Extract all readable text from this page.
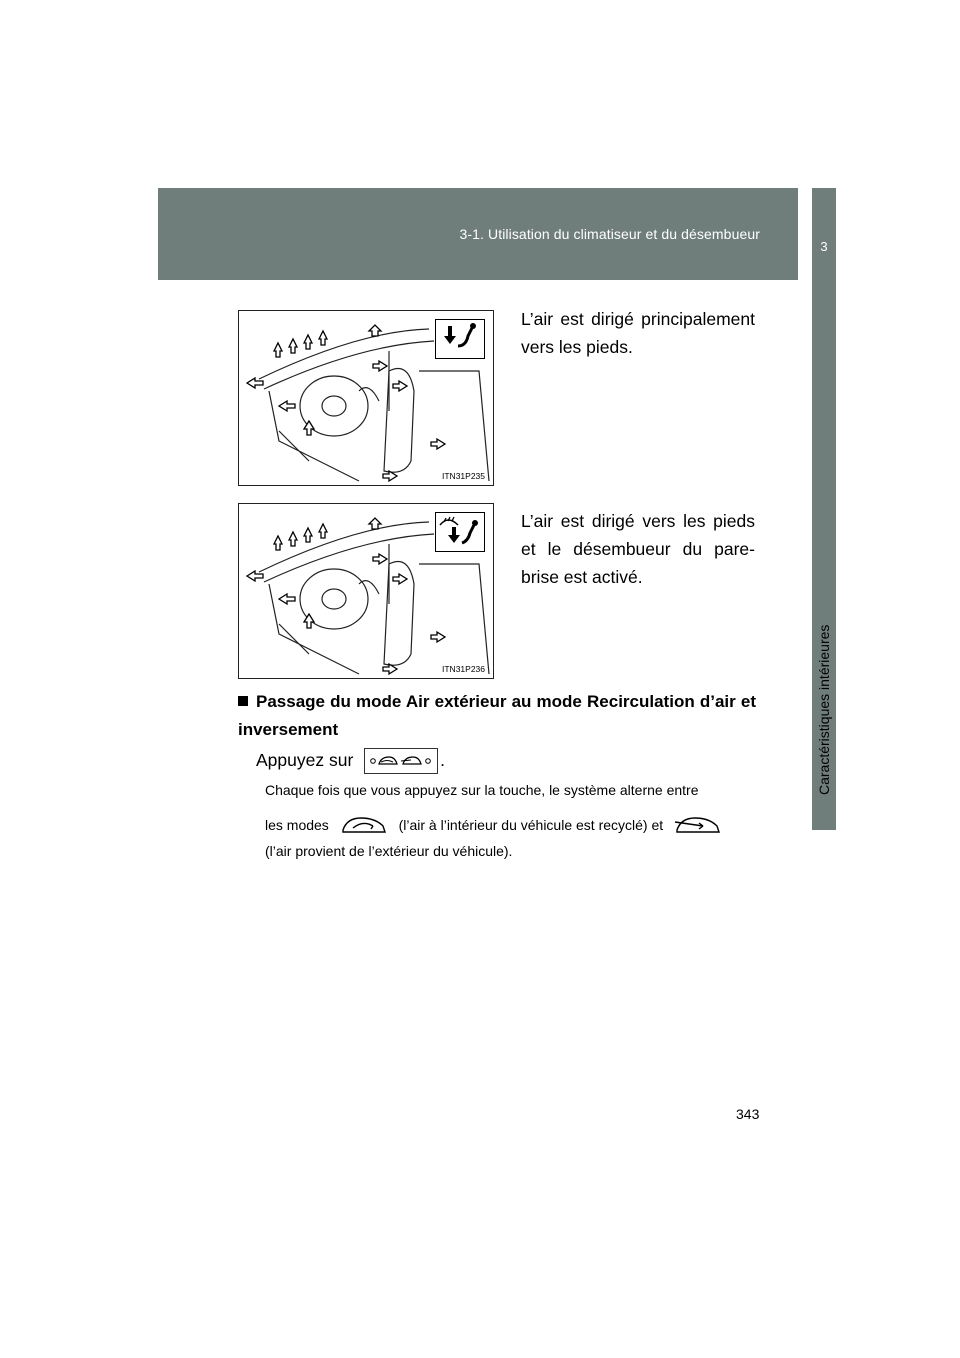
3-1. Utilisation du climatiseur et du désembueur
3
Caractéristiques intérieures
ITN31P235
L’air est dirigé principalement vers les pieds.
ITN31P236
L’air est dirigé vers les pieds et le désembueur du pare-brise est activé.
Passage du mode Air extérieur au mode Recirculation d’air et inversement
Appuyez sur	.
Chaque fois que vous appuyez sur la touche, le système alterne entre
les modes	(l’air à l’intérieur du véhicule est recyclé) et
(l’air provient de l’extérieur du véhicule).
343
